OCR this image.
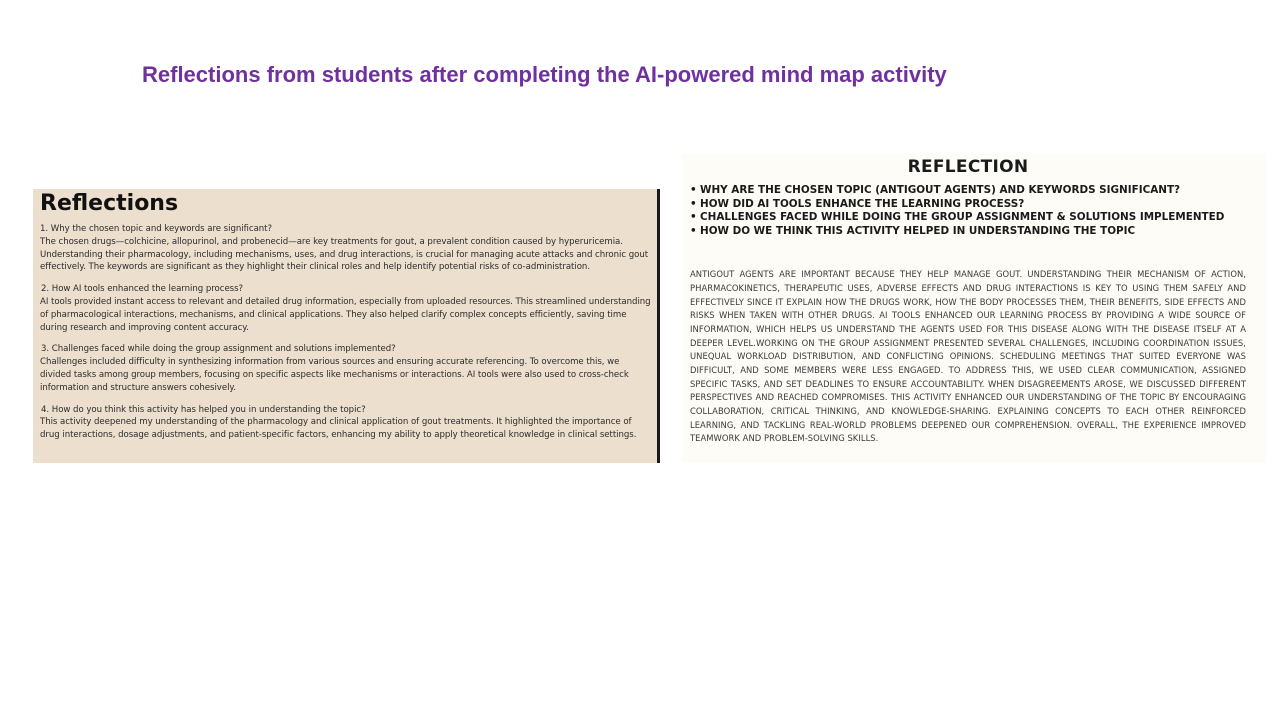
Reflections from students after completing the AI-powered mind map activity
Reflections
1. Why the chosen topic and keywords are significant?
The chosen drugs—colchicine, allopurinol, and probenecid—are key treatments for gout, a prevalent condition caused by hyperuricemia. Understanding their pharmacology, including mechanisms, uses, and drug interactions, is crucial for managing acute attacks and chronic gout effectively. The keywords are significant as they highlight their clinical roles and help identify potential risks of co-administration.
2. How AI tools enhanced the learning process?
AI tools provided instant access to relevant and detailed drug information, especially from uploaded resources. This streamlined understanding of pharmacological interactions, mechanisms, and clinical applications. They also helped clarify complex concepts efficiently, saving time during research and improving content accuracy.
3. Challenges faced while doing the group assignment and solutions implemented?
Challenges included difficulty in synthesizing information from various sources and ensuring accurate referencing. To overcome this, we divided tasks among group members, focusing on specific aspects like mechanisms or interactions. AI tools were also used to cross-check information and structure answers cohesively.
4. How do you think this activity has helped you in understanding the topic?
This activity deepened my understanding of the pharmacology and clinical application of gout treatments. It highlighted the importance of drug interactions, dosage adjustments, and patient-specific factors, enhancing my ability to apply theoretical knowledge in clinical settings.
REFLECTION
• WHY ARE THE CHOSEN TOPIC (ANTIGOUT AGENTS) AND KEYWORDS SIGNIFICANT?
• HOW DID AI TOOLS ENHANCE THE LEARNING PROCESS?
• CHALLENGES FACED WHILE DOING THE GROUP ASSIGNMENT & SOLUTIONS IMPLEMENTED
• HOW DO WE THINK THIS ACTIVITY HELPED IN UNDERSTANDING THE TOPIC
ANTIGOUT AGENTS ARE IMPORTANT BECAUSE THEY HELP MANAGE GOUT. UNDERSTANDING THEIR MECHANISM OF ACTION, PHARMACOKINETICS, THERAPEUTIC USES, ADVERSE EFFECTS AND DRUG INTERACTIONS IS KEY TO USING THEM SAFELY AND EFFECTIVELY SINCE IT EXPLAIN HOW THE DRUGS WORK, HOW THE BODY PROCESSES THEM, THEIR BENEFITS, SIDE EFFECTS AND RISKS WHEN TAKEN WITH OTHER DRUGS. AI TOOLS ENHANCED OUR LEARNING PROCESS BY PROVIDING A WIDE SOURCE OF INFORMATION, WHICH HELPS US UNDERSTAND THE AGENTS USED FOR THIS DISEASE ALONG WITH THE DISEASE ITSELF AT A DEEPER LEVEL.WORKING ON THE GROUP ASSIGNMENT PRESENTED SEVERAL CHALLENGES, INCLUDING COORDINATION ISSUES, UNEQUAL WORKLOAD DISTRIBUTION, AND CONFLICTING OPINIONS. SCHEDULING MEETINGS THAT SUITED EVERYONE WAS DIFFICULT, AND SOME MEMBERS WERE LESS ENGAGED. TO ADDRESS THIS, WE USED CLEAR COMMUNICATION, ASSIGNED SPECIFIC TASKS, AND SET DEADLINES TO ENSURE ACCOUNTABILITY. WHEN DISAGREEMENTS AROSE, WE DISCUSSED DIFFERENT PERSPECTIVES AND REACHED COMPROMISES. THIS ACTIVITY ENHANCED OUR UNDERSTANDING OF THE TOPIC BY ENCOURAGING COLLABORATION, CRITICAL THINKING, AND KNOWLEDGE-SHARING. EXPLAINING CONCEPTS TO EACH OTHER REINFORCED LEARNING, AND TACKLING REAL-WORLD PROBLEMS DEEPENED OUR COMPREHENSION. OVERALL, THE EXPERIENCE IMPROVED TEAMWORK AND PROBLEM-SOLVING SKILLS.
